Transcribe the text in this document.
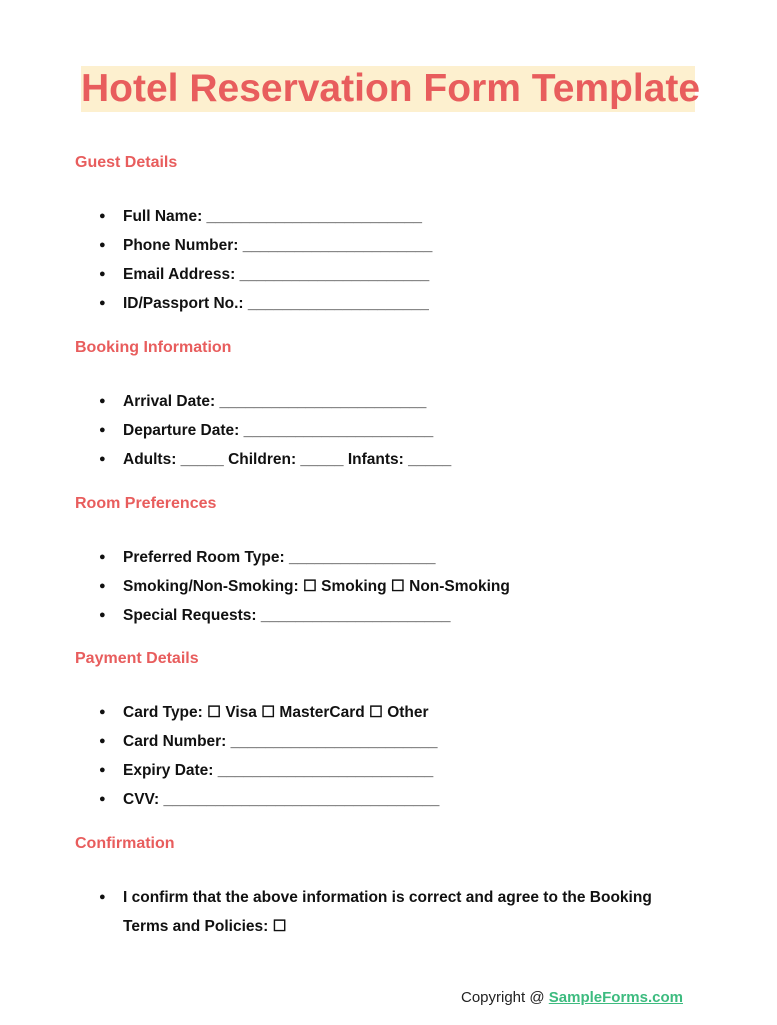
Hotel Reservation Form Template
Guest Details
● Full Name: _________________________
● Phone Number: ______________________
● Email Address: ______________________
● ID/Passport No.: _____________________
Booking Information
● Arrival Date: ________________________
● Departure Date: ______________________
● Adults: _____ Children: _____ Infants: _____
Room Preferences
● Preferred Room Type: _________________
● Smoking/Non-Smoking: ☐ Smoking ☐ Non-Smoking
● Special Requests: ______________________
Payment Details
● Card Type: ☐ Visa ☐ MasterCard ☐ Other
● Card Number: ________________________
● Expiry Date: _________________________
● CVV: ________________________________
Confirmation
● I confirm that the above information is correct and agree to the Booking Terms and Policies: ☐
Copyright @ SampleForms.com
